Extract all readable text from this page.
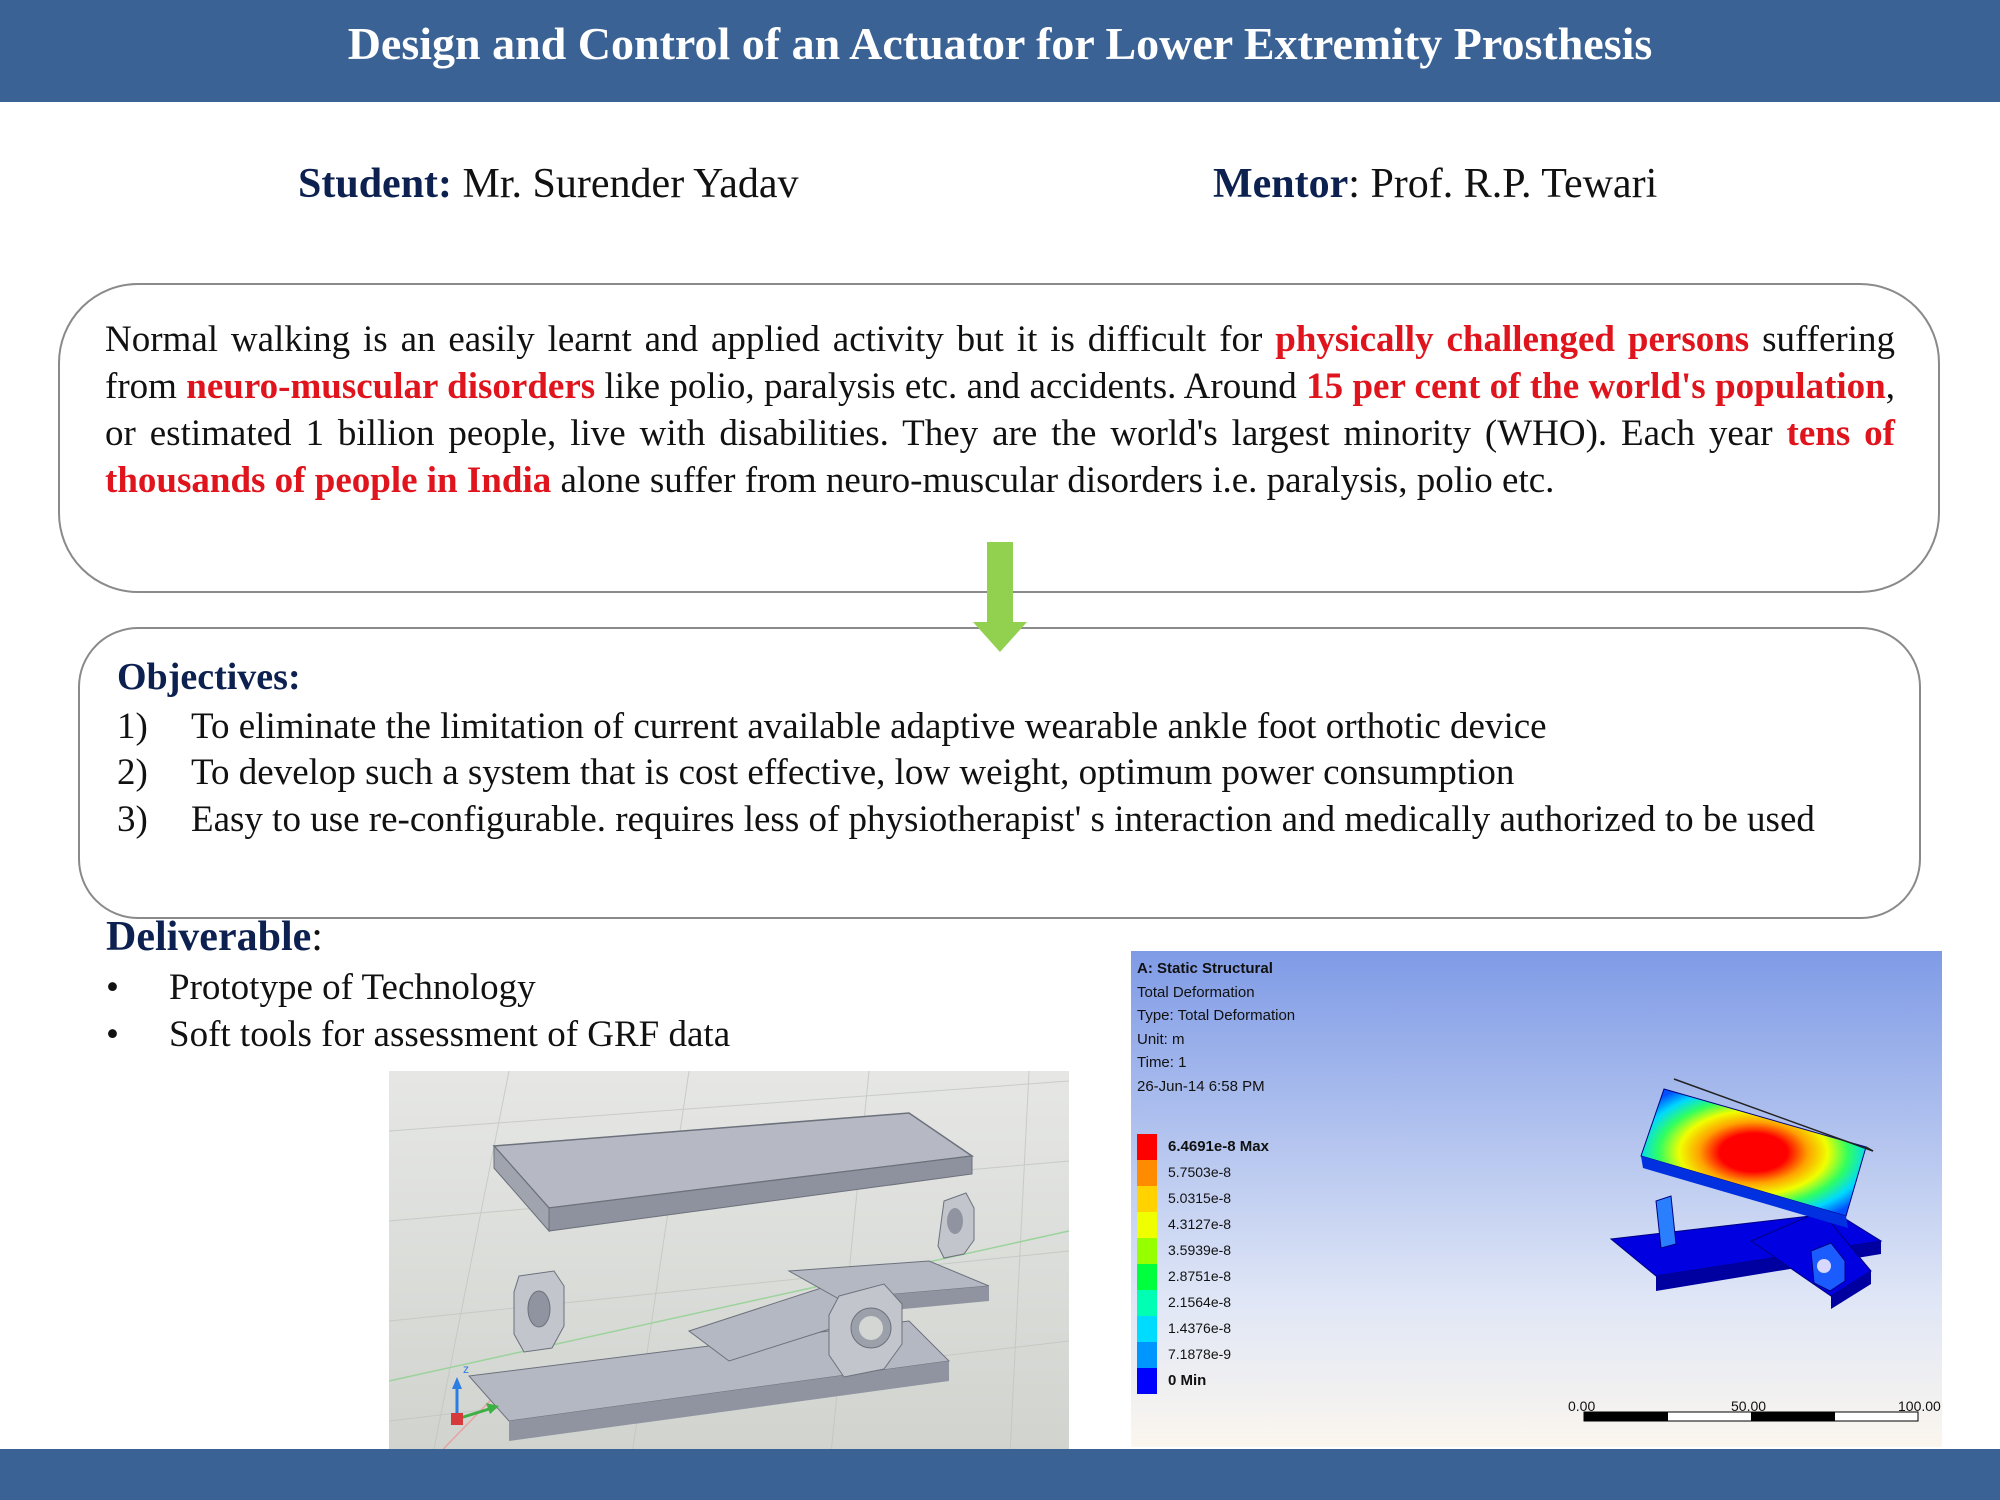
Design and Control of an Actuator for Lower Extremity Prosthesis
Student: Mr. Surender Yadav	Mentor: Prof. R.P. Tewari
Normal walking is an easily learnt and applied activity but it is difficult for physically challenged persons suffering from neuro-muscular disorders like polio, paralysis etc. and accidents. Around 15 per cent of the world's population, or estimated 1 billion people, live with disabilities. They are the world's largest minority (WHO). Each year tens of thousands of people in India alone suffer from neuro-muscular disorders i.e. paralysis, polio etc.
Objectives:
1) To eliminate the limitation of current available adaptive wearable ankle foot orthotic device
2) To develop such a system that is cost effective, low weight, optimum power consumption
3) Easy to use re-configurable. requires less of physiotherapist' s interaction and medically authorized to be used
Deliverable:
• Prototype of Technology
• Soft tools for assessment of GRF data
z
A: Static Structural
Total Deformation
Type: Total Deformation
Unit: m
Time: 1
26-Jun-14 6:58 PM
6.4691e-8 Max
5.7503e-8
5.0315e-8
4.3127e-8
3.5939e-8
2.8751e-8
2.1564e-8
1.4376e-8
7.1878e-9
0 Min
0.00	50.00	100.00
